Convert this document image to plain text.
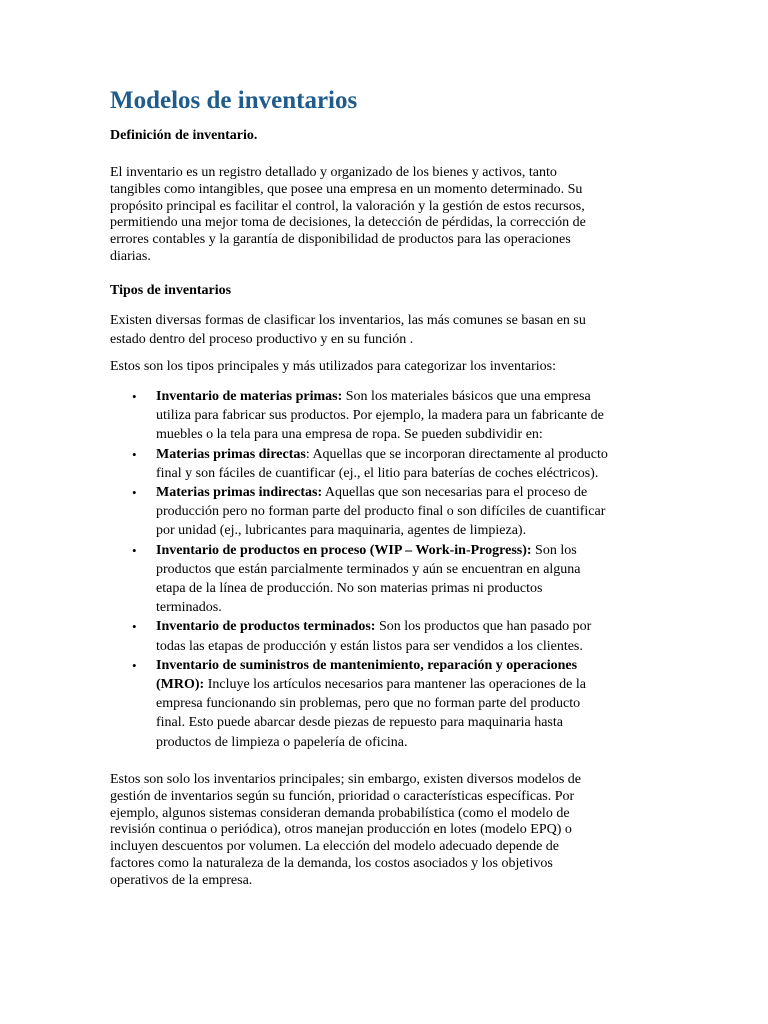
Modelos de inventarios

Definición de inventario.

El inventario es un registro detallado y organizado de los bienes y activos, tanto
tangibles como intangibles, que posee una empresa en un momento determinado. Su
propósito principal es facilitar el control, la valoración y la gestión de estos recursos,
permitiendo una mejor toma de decisiones, la detección de pérdidas, la corrección de
errores contables y la garantía de disponibilidad de productos para las operaciones
diarias.

Tipos de inventarios

Existen diversas formas de clasificar los inventarios, las más comunes se basan en su
estado dentro del proceso productivo y en su función .
Estos son los tipos principales y más utilizados para categorizar los inventarios:
• Inventario de materias primas: Son los materiales básicos que una empresa
utiliza para fabricar sus productos. Por ejemplo, la madera para un fabricante de
muebles o la tela para una empresa de ropa. Se pueden subdividir en:
• Materias primas directas: Aquellas que se incorporan directamente al producto
final y son fáciles de cuantificar (ej., el litio para baterías de coches eléctricos).
• Materias primas indirectas: Aquellas que son necesarias para el proceso de
producción pero no forman parte del producto final o son difíciles de cuantificar
por unidad (ej., lubricantes para maquinaria, agentes de limpieza).
• Inventario de productos en proceso (WIP – Work-in-Progress): Son los
productos que están parcialmente terminados y aún se encuentran en alguna
etapa de la línea de producción. No son materias primas ni productos
terminados.
• Inventario de productos terminados: Son los productos que han pasado por
todas las etapas de producción y están listos para ser vendidos a los clientes.
• Inventario de suministros de mantenimiento, reparación y operaciones
(MRO): Incluye los artículos necesarios para mantener las operaciones de la
empresa funcionando sin problemas, pero que no forman parte del producto
final. Esto puede abarcar desde piezas de repuesto para maquinaria hasta
productos de limpieza o papelería de oficina.
Estos son solo los inventarios principales; sin embargo, existen diversos modelos de
gestión de inventarios según su función, prioridad o características específicas. Por
ejemplo, algunos sistemas consideran demanda probabilística (como el modelo de
revisión continua o periódica), otros manejan producción en lotes (modelo EPQ) o
incluyen descuentos por volumen. La elección del modelo adecuado depende de
factores como la naturaleza de la demanda, los costos asociados y los objetivos
operativos de la empresa.
